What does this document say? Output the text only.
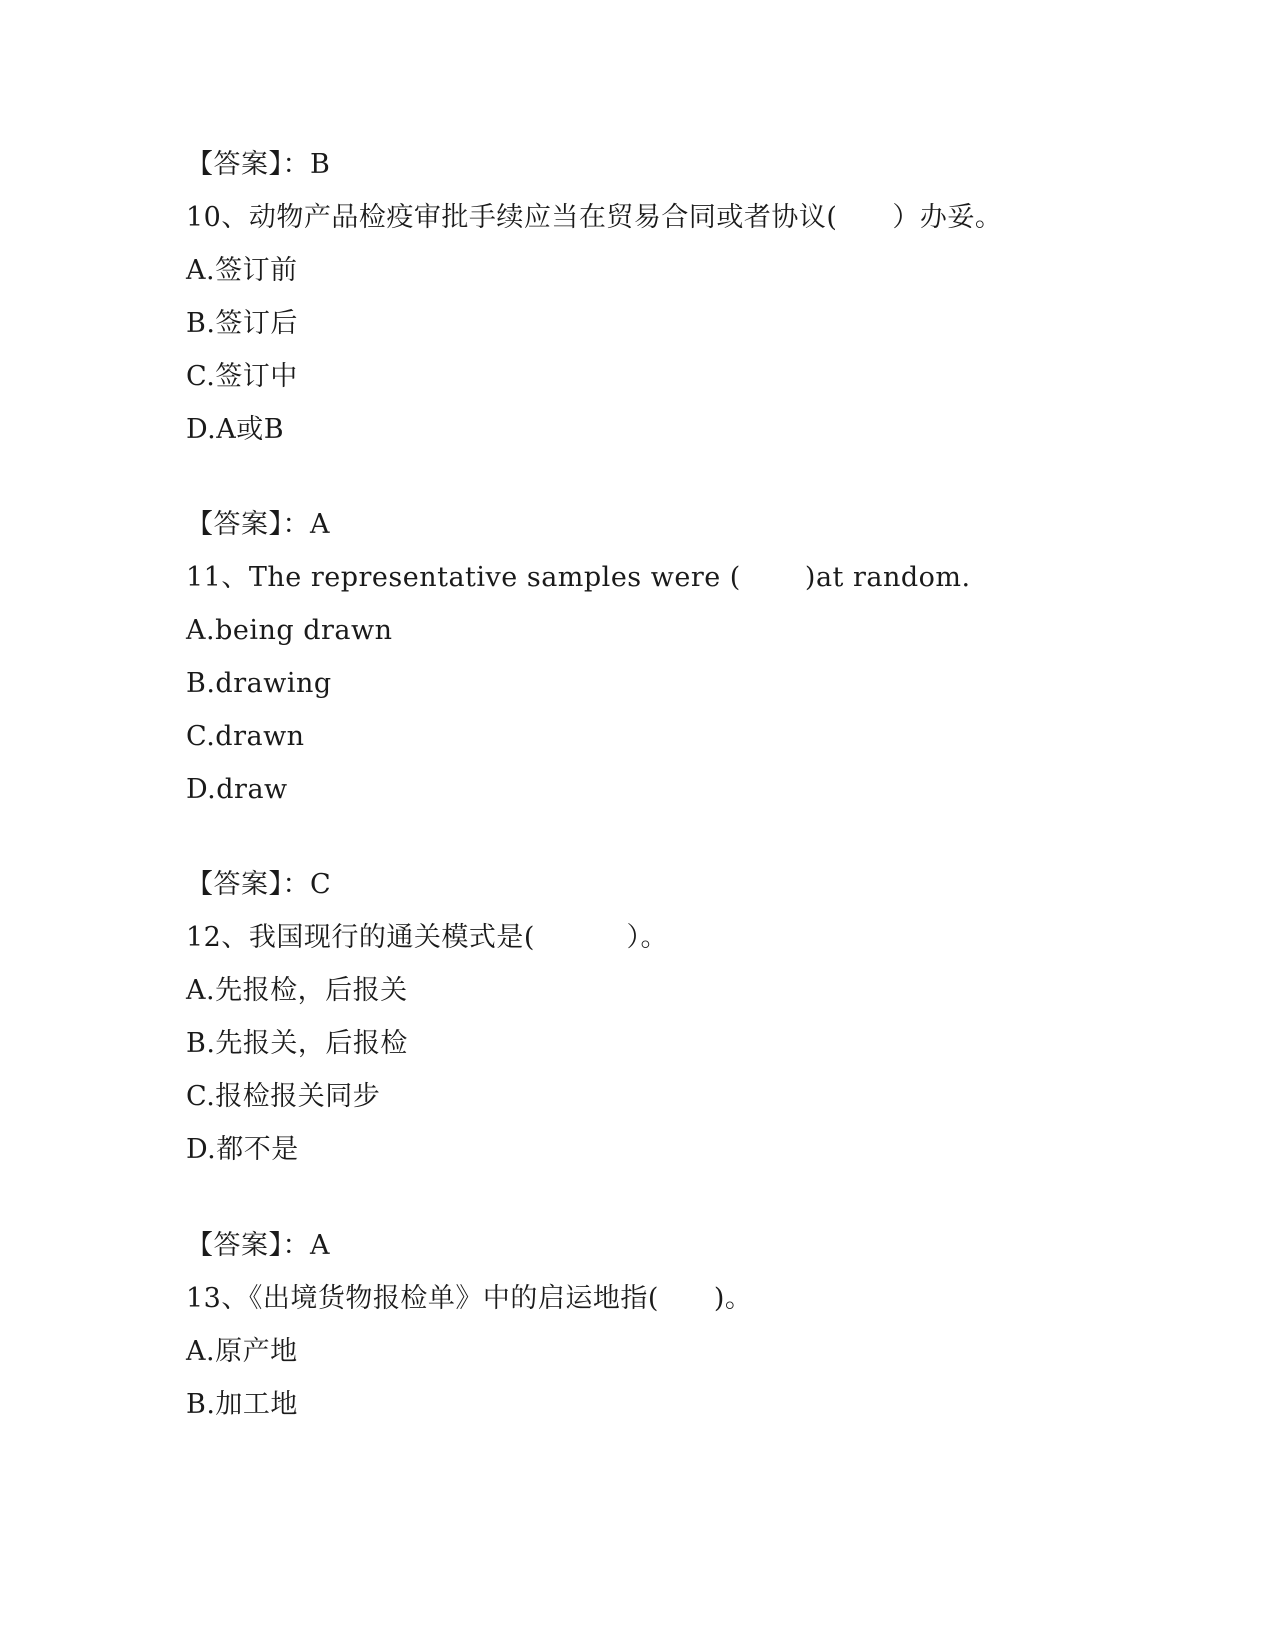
【答案】：B
10、动物产品检疫审批手续应当在贸易合同或者协议(　　）办妥。
A.签订前
B.签订后
C.签订中
D.A或B
【答案】：A
11、The representative samples were (　 　)at random.
A.being drawn
B.drawing
C.drawn
D.draw
【答案】：C
12、我国现行的通关模式是(　　　 ）。
A.先报检，后报关
B.先报关，后报检
C.报检报关同步
D.都不是
【答案】：A
13、《出境货物报检单》中的启运地指(　　)。
A.原产地
B.加工地
